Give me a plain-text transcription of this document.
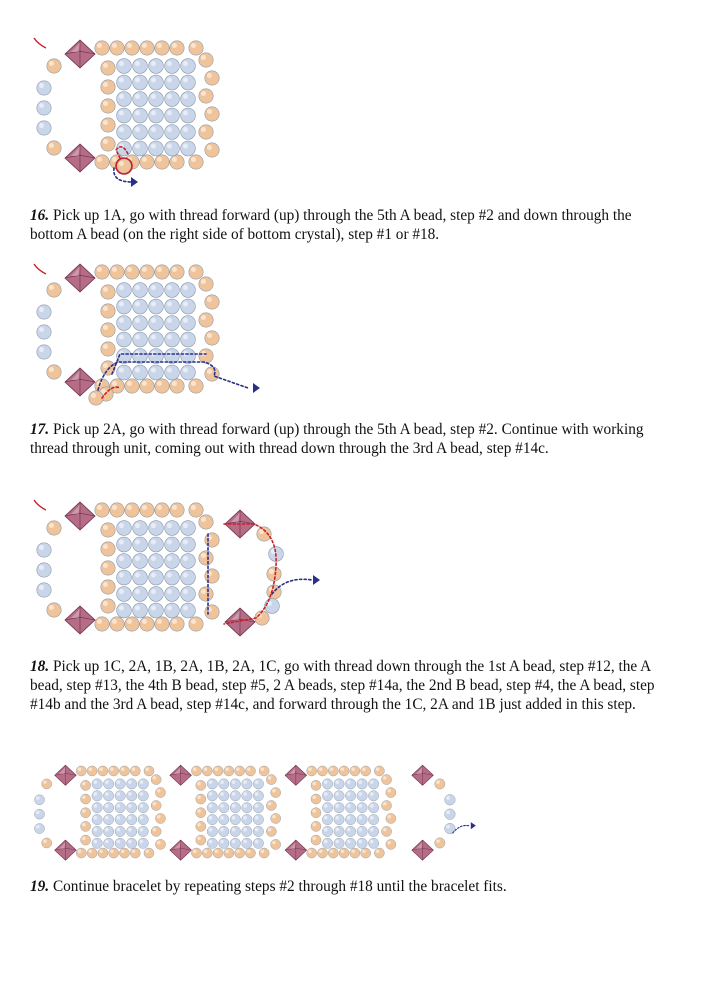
16. Pick up 1A, go with thread forward (up) through the 5th A bead, step #2 and down through the bottom A bead (on the right side of bottom crystal), step #1 or #18.

17. Pick up 2A, go with thread forward (up) through the 5th A bead, step #2. Continue with working thread through unit, coming out with thread down through the 3rd A bead, step #14c.

18. Pick up 1C, 2A, 1B, 2A, 1B, 2A, 1C, go with thread down through the 1st A bead, step #12, the A bead, step #13, the 4th B bead, step #5, 2 A beads, step #14a, the 2nd B bead, step #4, the A bead, step #14b and the 3rd A bead, step #14c, and forward through the 1C, 2A and 1B just added in this step.

19. Continue bracelet by repeating steps #2 through #18 until the bracelet fits.
